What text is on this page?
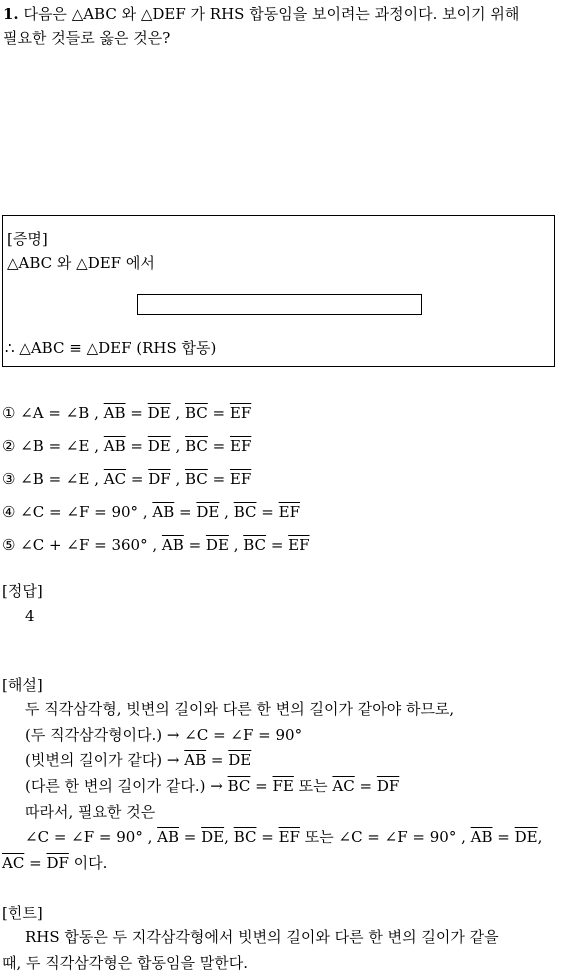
1. 다음은 △ABC 와 △DEF 가 RHS 합동임을 보이려는 과정이다. 보이기 위해
필요한 것들로 옳은 것은?
[증명]
△ABC 와 △DEF 에서
∴ △ABC ≡ △DEF (RHS 합동)
① ∠A = ∠B , $\overline{AB} = \overline{DE}$ , $\overline{BC} = \overline{EF}$
② ∠B = ∠E , $\overline{AB} = \overline{DE}$ , $\overline{BC} = \overline{EF}$
③ ∠B = ∠E , $\overline{AC} = \overline{DF}$ , $\overline{BC} = \overline{EF}$
④ ∠C = ∠F = 90° , $\overline{AB} = \overline{DE}$ , $\overline{BC} = \overline{EF}$
⑤ ∠C + ∠F = 360° , $\overline{AB} = \overline{DE}$ , $\overline{BC} = \overline{EF}$
[정답]
4
[해설]
두 직각삼각형, 빗변의 길이와 다른 한 변의 길이가 같아야 하므로,
(두 직각삼각형이다.) → ∠C = ∠F = 90°
(빗변의 길이가 같다) → $\overline{AB} = \overline{DE}$
(다른 한 변의 길이가 같다.) → $\overline{BC} = \overline{FE}$ 또는 $\overline{AC} = \overline{DF}$
따라서, 필요한 것은
∠C = ∠F = 90° , $\overline{AB} = \overline{DE}$, $\overline{BC} = \overline{EF}$ 또는 ∠C = ∠F = 90° , $\overline{AB} = \overline{DE}$,
$\overline{AC} = \overline{DF}$ 이다.
[힌트]
RHS 합동은 두 지각삼각형에서 빗변의 길이와 다른 한 변의 길이가 같을
때, 두 직각삼각형은 합동임을 말한다.
